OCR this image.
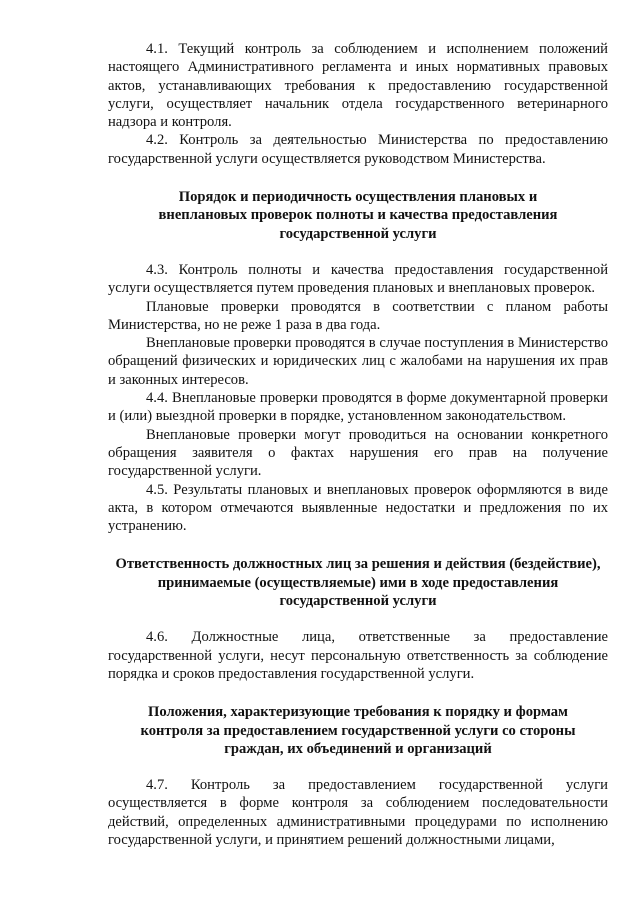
4.1. Текущий контроль за соблюдением и исполнением положений настоящего Административного регламента и иных нормативных правовых актов, устанавливающих требования к предоставлению государственной услуги, осуществляет начальник отдела государственного ветеринарного надзора и контроля.

4.2. Контроль за деятельностью Министерства по предоставлению государственной услуги осуществляется руководством Министерства.

Порядок и периодичность осуществления плановых и внеплановых проверок полноты и качества предоставления государственной услуги

4.3. Контроль полноты и качества предоставления государственной услуги осуществляется путем проведения плановых и внеплановых проверок.

Плановые проверки проводятся в соответствии с планом работы Министерства, но не реже 1 раза в два года.

Внеплановые проверки проводятся в случае поступления в Министерство обращений физических и юридических лиц с жалобами на нарушения их прав и законных интересов.

4.4. Внеплановые проверки проводятся в форме документарной проверки и (или) выездной проверки в порядке, установленном законодательством.

Внеплановые проверки могут проводиться на основании конкретного обращения заявителя о фактах нарушения его прав на получение государственной услуги.

4.5. Результаты плановых и внеплановых проверок оформляются в виде акта, в котором отмечаются выявленные недостатки и предложения по их устранению.

Ответственность должностных лиц за решения и действия (бездействие), принимаемые (осуществляемые) ими в ходе предоставления государственной услуги

4.6. Должностные лица, ответственные за предоставление государственной услуги, несут персональную ответственность за соблюдение порядка и сроков предоставления государственной услуги.

Положения, характеризующие требования к порядку и формам контроля за предоставлением государственной услуги со стороны граждан, их объединений и организаций

4.7. Контроль за предоставлением государственной услуги осуществляется в форме контроля за соблюдением последовательности действий, определенных административными процедурами по исполнению государственной услуги, и принятием решений должностными лицами,
